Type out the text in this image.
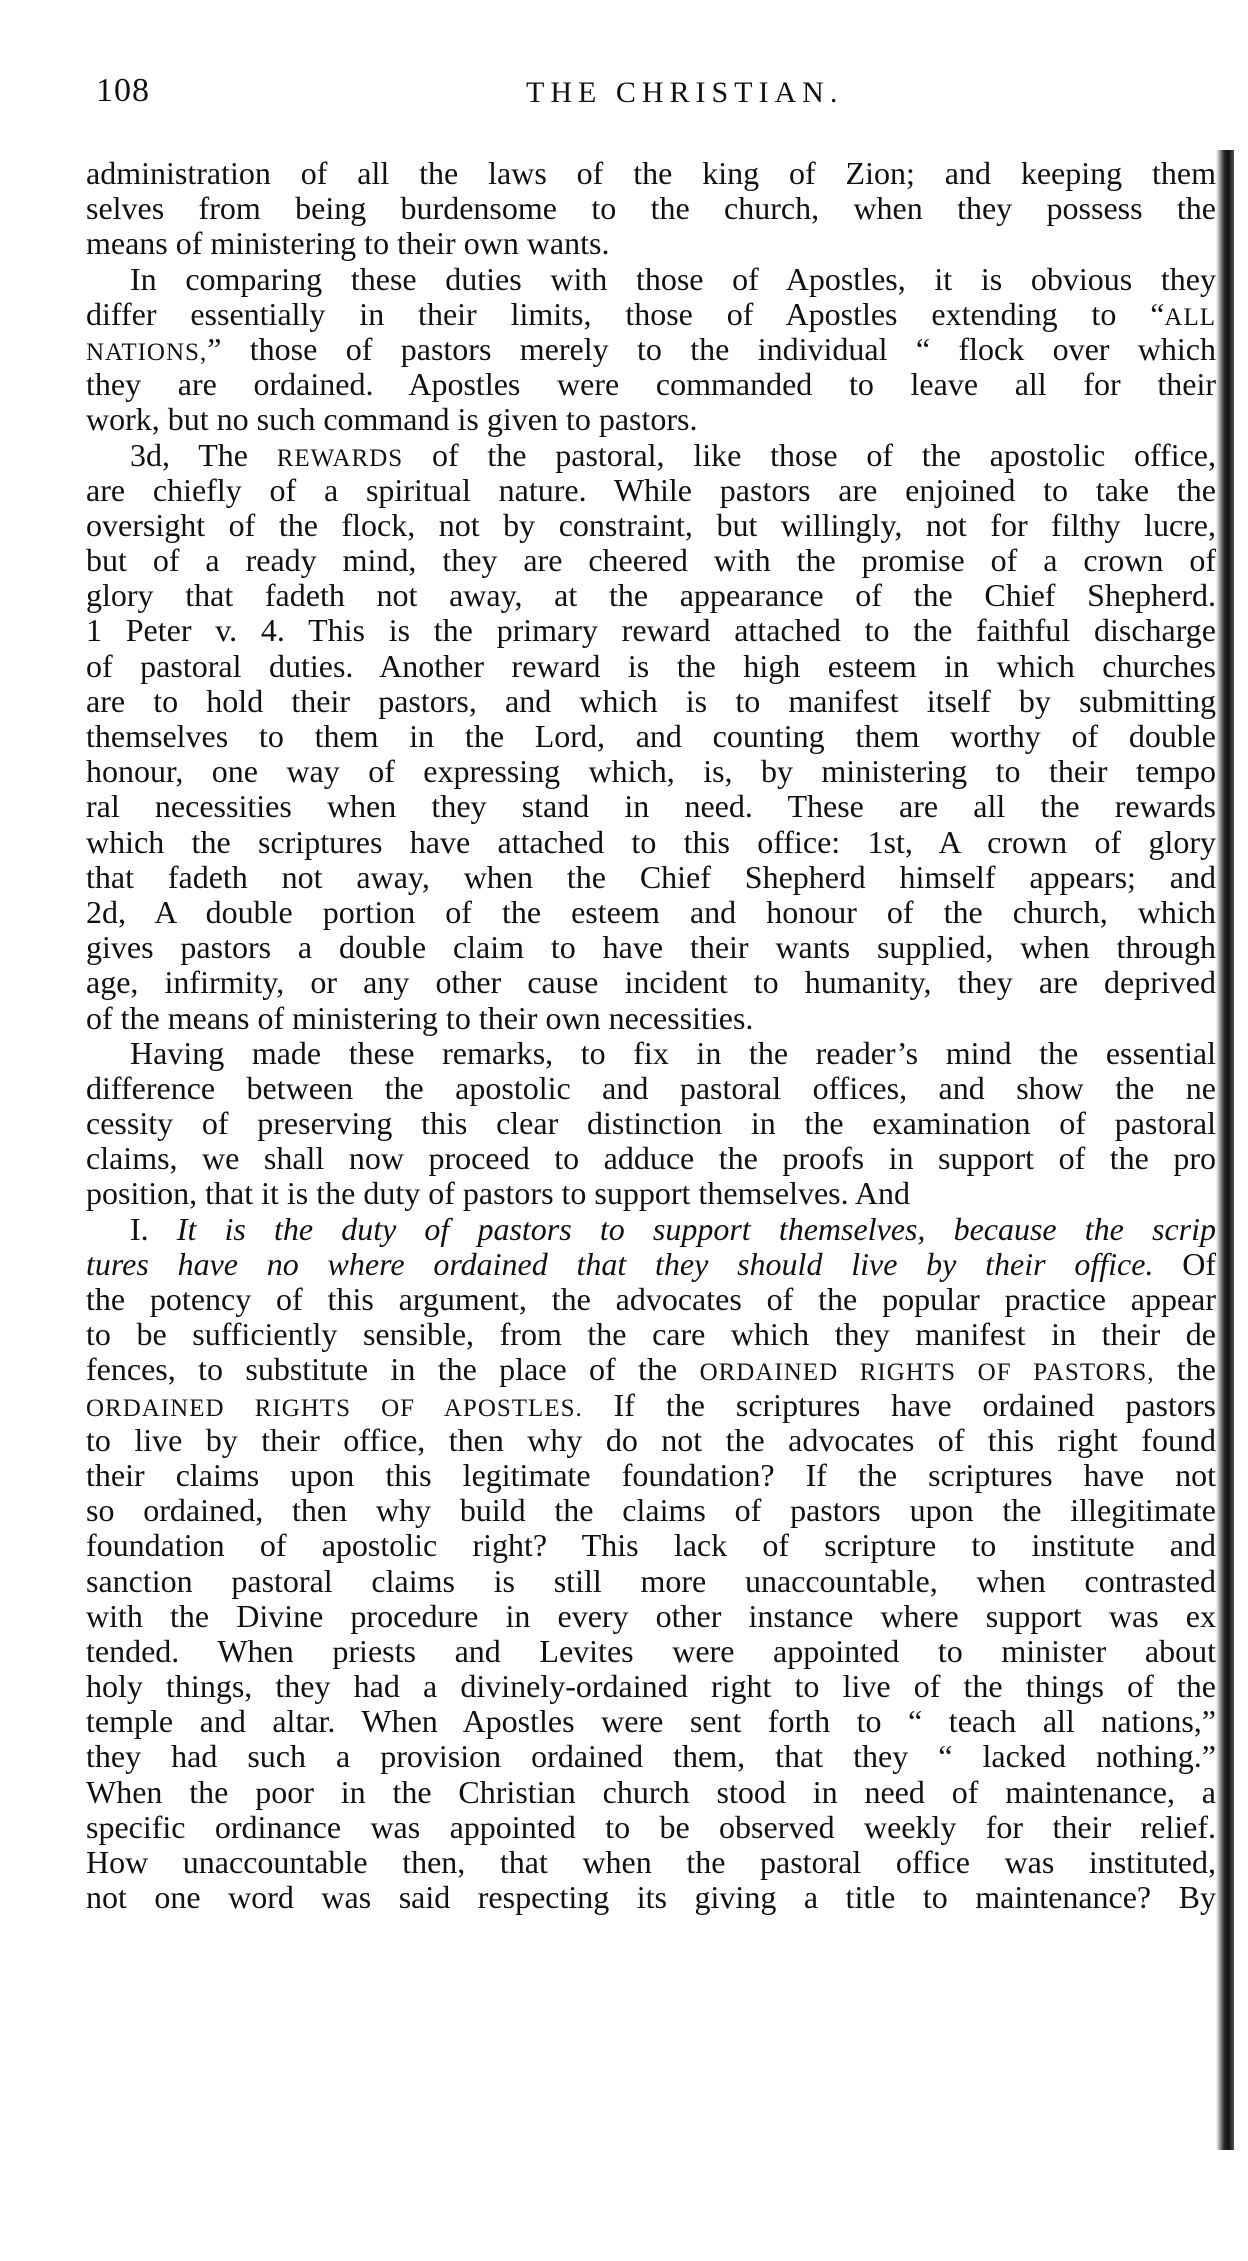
108	THE CHRISTIAN.
administration of all the laws of the king of Zion; and keeping them
selves from being burdensome to the church, when they possess the
means of ministering to their own wants.
In comparing these duties with those of Apostles, it is obvious they
differ essentially in their limits, those of Apostles extending to “ALL
NATIONS,” those of pastors merely to the individual “ flock over which
they are ordained. Apostles were commanded to leave all for their
work, but no such command is given to pastors.
3d, The REWARDS of the pastoral, like those of the apostolic office,
are chiefly of a spiritual nature. While pastors are enjoined to take the
oversight of the flock, not by constraint, but willingly, not for filthy lucre,
but of a ready mind, they are cheered with the promise of a crown of
glory that fadeth not away, at the appearance of the Chief Shepherd.
1 Peter v. 4. This is the primary reward attached to the faithful discharge
of pastoral duties. Another reward is the high esteem in which churches
are to hold their pastors, and which is to manifest itself by submitting
themselves to them in the Lord, and counting them worthy of double
honour, one way of expressing which, is, by ministering to their tempo
ral necessities when they stand in need. These are all the rewards
which the scriptures have attached to this office: 1st, A crown of glory
that fadeth not away, when the Chief Shepherd himself appears; and
2d, A double portion of the esteem and honour of the church, which
gives pastors a double claim to have their wants supplied, when through
age, infirmity, or any other cause incident to humanity, they are deprived
of the means of ministering to their own necessities.
Having made these remarks, to fix in the reader’s mind the essential
difference between the apostolic and pastoral offices, and show the ne
cessity of preserving this clear distinction in the examination of pastoral
claims, we shall now proceed to adduce the proofs in support of the pro
position, that it is the duty of pastors to support themselves. And
I. It is the duty of pastors to support themselves, because the scrip
tures have no where ordained that they should live by their office. Of
the potency of this argument, the advocates of the popular practice appear
to be sufficiently sensible, from the care which they manifest in their de
fences, to substitute in the place of the ORDAINED RIGHTS OF PASTORS, the
ORDAINED RIGHTS OF APOSTLES. If the scriptures have ordained pastors
to live by their office, then why do not the advocates of this right found
their claims upon this legitimate foundation? If the scriptures have not
so ordained, then why build the claims of pastors upon the illegitimate
foundation of apostolic right? This lack of scripture to institute and
sanction pastoral claims is still more unaccountable, when contrasted
with the Divine procedure in every other instance where support was ex
tended. When priests and Levites were appointed to minister about
holy things, they had a divinely-ordained right to live of the things of the
temple and altar. When Apostles were sent forth to “ teach all nations,”
they had such a provision ordained them, that they “ lacked nothing.”
When the poor in the Christian church stood in need of maintenance, a
specific ordinance was appointed to be observed weekly for their relief.
How unaccountable then, that when the pastoral office was instituted,
not one word was said respecting its giving a title to maintenance? By
